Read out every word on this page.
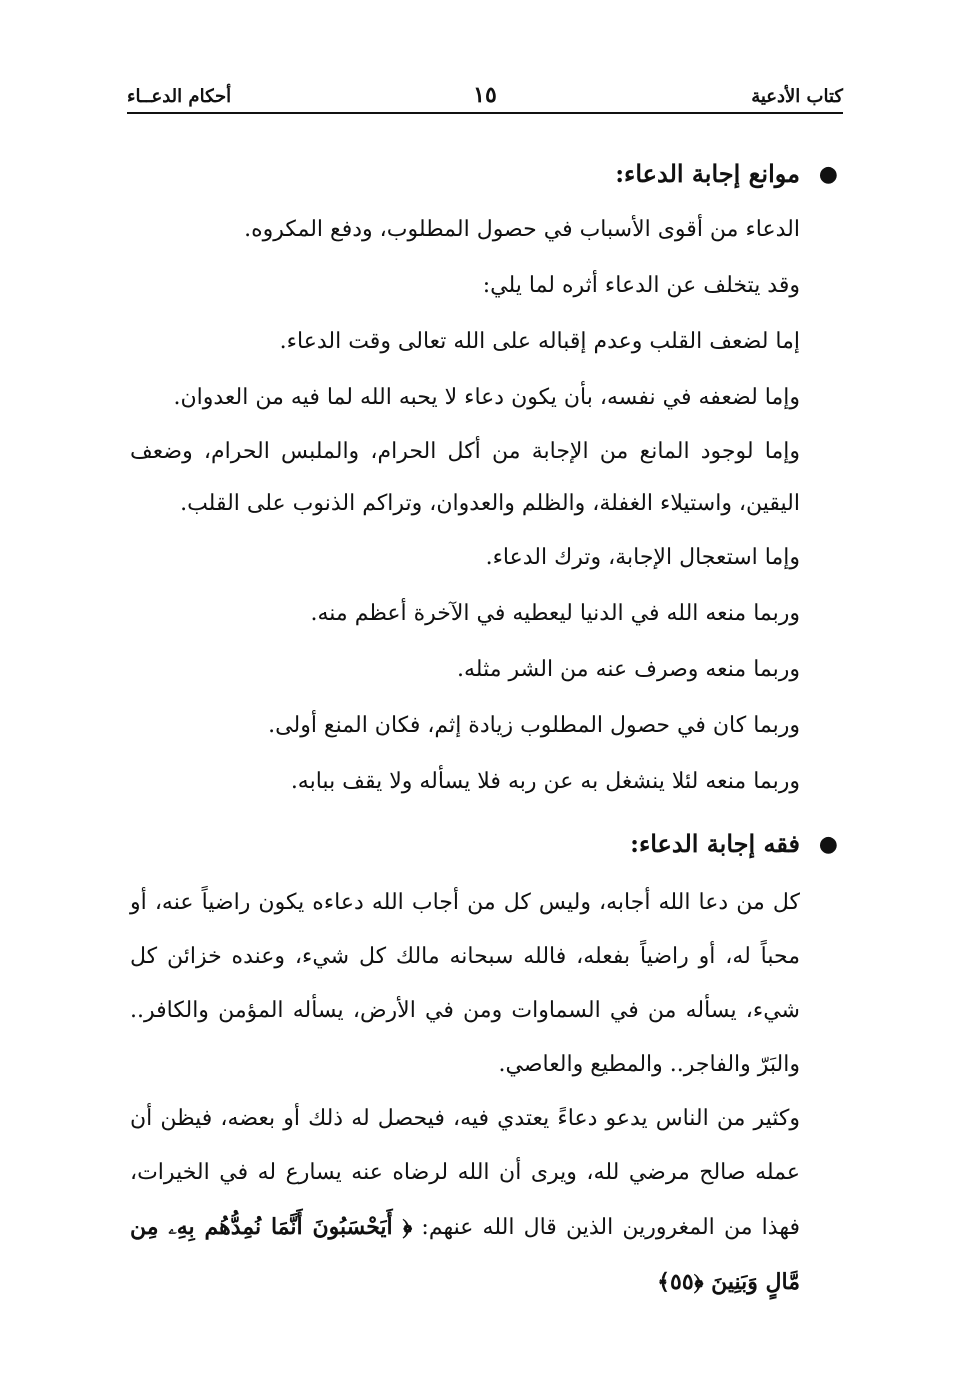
كتاب الأدعية
١٥
أحكام الدعــاء
●
موانع إجابة الدعاء:

الدعاء من أقوى الأسباب في حصول المطلوب، ودفع المكروه.

وقد يتخلف عن الدعاء أثره لما يلي:

إما لضعف القلب وعدم إقباله على الله تعالى وقت الدعاء.

وإما لضعفه في نفسه، بأن يكون دعاء لا يحبه الله لما فيه من العدوان.

وإما لوجود المانع من الإجابة من أكل الحرام، والملبس الحرام، وضعف اليقين، واستيلاء الغفلة، والظلم والعدوان، وتراكم الذنوب على القلب.

وإما استعجال الإجابة، وترك الدعاء.

وربما منعه الله في الدنيا ليعطيه في الآخرة أعظم منه.

وربما منعه وصرف عنه من الشر مثله.

وربما كان في حصول المطلوب زيادة إثم، فكان المنع أولى.

وربما منعه لئلا ينشغل به عن ربه فلا يسأله ولا يقف ببابه.

●
فقه إجابة الدعاء:

كل من دعا الله أجابه، وليس كل من أجاب الله دعاءه يكون راضياً عنه، أو محباً له، أو راضياً بفعله، فالله سبحانه مالك كل شيء، وعنده خزائن كل شيء، يسأله من في السماوات ومن في الأرض، يسأله المؤمن والكافر.. والبَرّ والفاجر.. والمطيع والعاصي.

وكثير من الناس يدعو دعاءً يعتدي فيه، فيحصل له ذلك أو بعضه، فيظن أن عمله صالح مرضي لله، ويرى أن الله لرضاه عنه يسارع له في الخيرات، فهذا من المغرورين الذين قال الله عنهم: ﴿ أَيَحْسَبُونَ أَنَّمَا نُمِدُّهُم بِهِۦ مِن مَّالٍ وَبَنِينَ ﴿٥٥﴾
